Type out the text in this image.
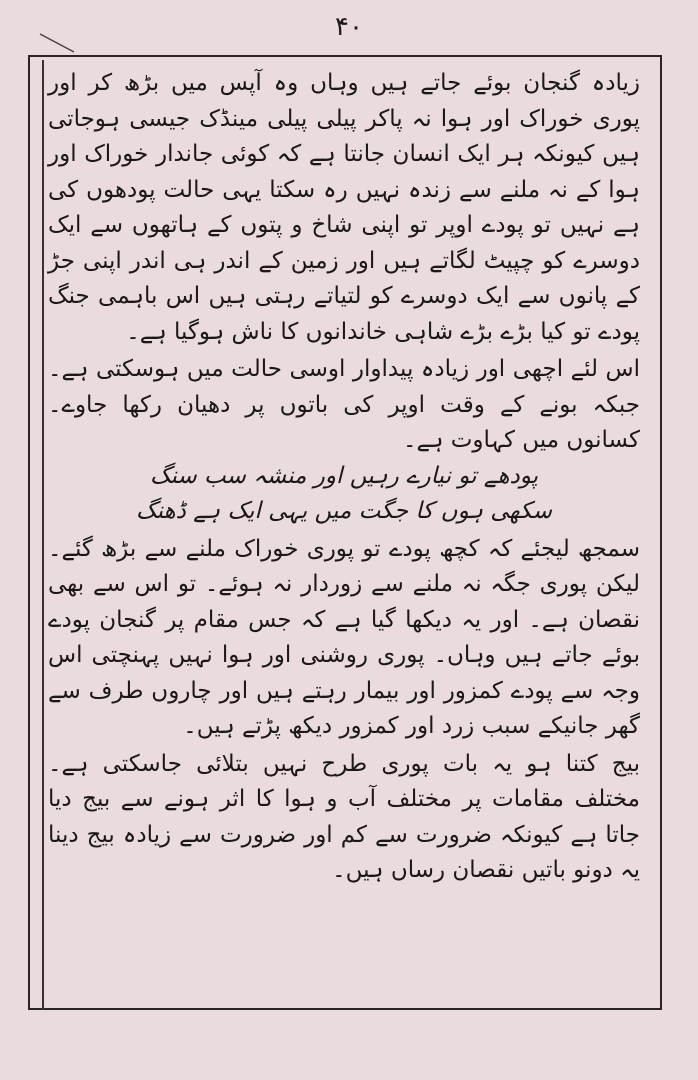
۴۰

زیادہ گنجان بوئے جاتے ہیں وہاں وہ آپس میں بڑھ کر اور پوری خوراک اور ہوا نہ پاکر پیلی پیلی مینڈک جیسی ہوجاتی ہیں کیونکہ ہر ایک انسان جانتا ہے کہ کوئی جاندار خوراک اور ہوا کے نہ ملنے سے زندہ نہیں رہ سکتا یہی حالت پودھوں کی ہے نہیں تو پودے اوپر تو اپنی شاخ و پتوں کے ہاتھوں سے ایک دوسرے کو چپیٹ لگاتے ہیں اور زمین کے اندر ہی اندر اپنی جڑ کے پانوں سے ایک دوسرے کو لتیاتے رہتی ہیں اس باہمی جنگ پودے تو کیا بڑے بڑے شاہی خاندانوں کا ناش ہوگیا ہے۔

اس لئے اچھی اور زیادہ پیداوار اوسی حالت میں ہوسکتی ہے۔ جبکہ بونے کے وقت اوپر کی باتوں پر دھیان رکھا جاوے۔ کسانوں میں کہاوت ہے۔

پودھے تو نیارے رہیں اور منشہ سب سنگ

سکھی ہوں کا جگت میں یہی ایک ہے ڈھنگ

سمجھ لیجئے کہ کچھ پودے تو پوری خوراک ملنے سے بڑھ گئے۔ لیکن پوری جگہ نہ ملنے سے زوردار نہ ہوئے۔ تو اس سے بھی نقصان ہے۔ اور یہ دیکھا گیا ہے کہ جس مقام پر گنجان پودے بوئے جاتے ہیں وہاں۔ پوری روشنی اور ہوا نہیں پہنچتی اس وجہ سے پودے کمزور اور بیمار رہتے ہیں اور چاروں طرف سے گھر جانیکے سبب زرد اور کمزور دیکھ پڑتے ہیں۔

بیج کتنا ہو یہ بات پوری طرح نہیں بتلائی جاسکتی ہے۔ مختلف مقامات پر مختلف آب و ہوا کا اثر ہونے سے بیج دیا جاتا ہے کیونکہ ضرورت سے کم اور ضرورت سے زیادہ بیج دینا یہ دونو باتیں نقصان رساں ہیں۔
